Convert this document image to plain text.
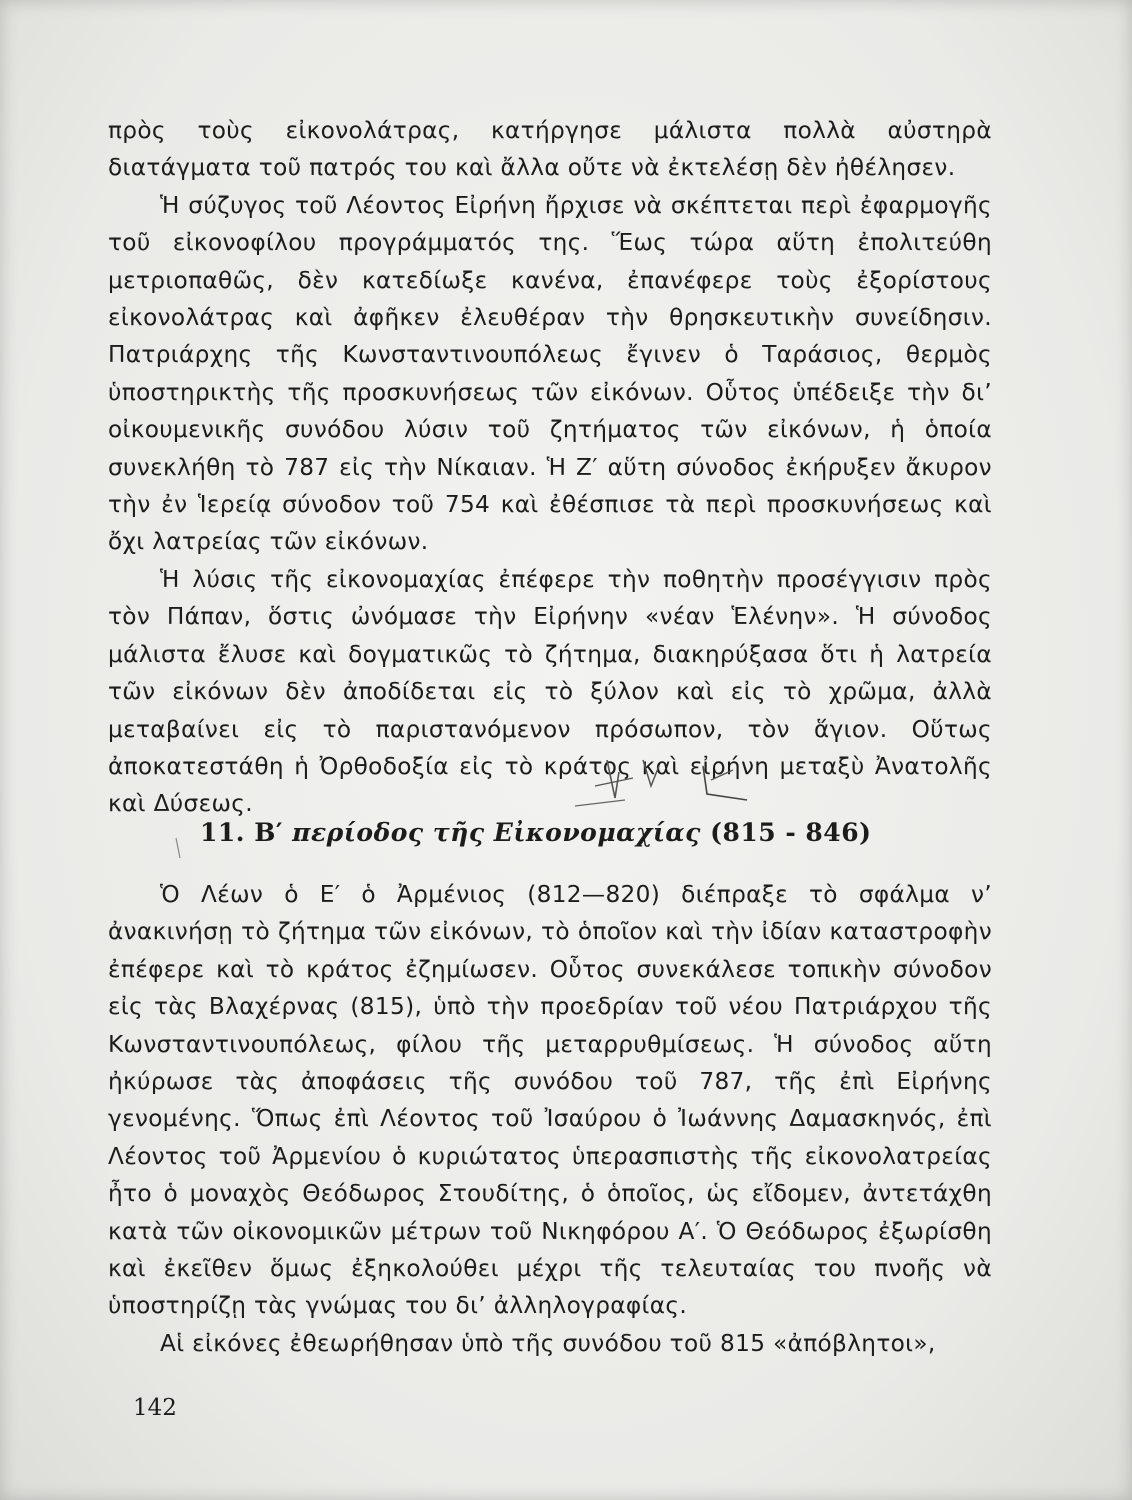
πρὸς τοὺς εἰκονολάτρας, κατήργησε μάλιστα πολλὰ αὐστηρὰ διατάγματα τοῦ πατρός του καὶ ἄλλα οὔτε νὰ ἐκτελέσῃ δὲν ἠθέλησεν.

Ἡ σύζυγος τοῦ Λέοντος Εἰρήνη ἤρχισε νὰ σκέπτεται περὶ ἐφαρμογῆς τοῦ εἰκονοφίλου προγράμματός της. Ἕως τώρα αὕτη ἐπολιτεύθη μετριοπαθῶς, δὲν κατεδίωξε κανένα, ἐπανέφερε τοὺς ἐξορίστους εἰκονολάτρας καὶ ἀφῆκεν ἐλευθέραν τὴν θρησκευτικὴν συνείδησιν. Πατριάρχης τῆς Κωνσταντινουπόλεως ἔγινεν ὁ Ταράσιος, θερμὸς ὑποστηρικτὴς τῆς προσκυνήσεως τῶν εἰκόνων. Οὗτος ὑπέδειξε τὴν δι’ οἰκουμενικῆς συνόδου λύσιν τοῦ ζητήματος τῶν εἰκόνων, ἡ ὁποία συνεκλήθη τὸ 787 εἰς τὴν Νίκαιαν. Ἡ Ζ′ αὕτη σύνοδος ἐκήρυξεν ἄκυρον τὴν ἐν Ἱερείᾳ σύνοδον τοῦ 754 καὶ ἐθέσπισε τὰ περὶ προσκυνήσεως καὶ ὄχι λατρείας τῶν εἰκόνων.

Ἡ λύσις τῆς εἰκονομαχίας ἐπέφερε τὴν ποθητὴν προσέγγισιν πρὸς τὸν Πάπαν, ὅστις ὠνόμασε τὴν Εἰρήνην «νέαν Ἑλένην». Ἡ σύνοδος μάλιστα ἔλυσε καὶ δογματικῶς τὸ ζήτημα, διακηρύξασα ὅτι ἡ λατρεία τῶν εἰκόνων δὲν ἀποδίδεται εἰς τὸ ξύλον καὶ εἰς τὸ χρῶμα, ἀλλὰ μεταβαίνει εἰς τὸ παριστανόμενον πρόσωπον, τὸν ἅγιον. Οὕτως ἀποκατεστάθη ἡ Ὀρθοδοξία εἰς τὸ κράτος καὶ εἰρήνη μεταξὺ Ἀνατολῆς καὶ Δύσεως.

11. Β′ περίοδος τῆς Εἰκονομαχίας (815 - 846)

Ὁ Λέων ὁ Ε′ ὁ Ἀρμένιος (812—820) διέπραξε τὸ σφάλμα ν’ ἀνακινήσῃ τὸ ζήτημα τῶν εἰκόνων, τὸ ὁποῖον καὶ τὴν ἰδίαν καταστροφὴν ἐπέφερε καὶ τὸ κράτος ἐζημίωσεν. Οὗτος συνεκάλεσε τοπικὴν σύνοδον εἰς τὰς Βλαχέρνας (815), ὑπὸ τὴν προεδρίαν τοῦ νέου Πατριάρχου τῆς Κωνσταντινουπόλεως, φίλου τῆς μεταρρυθμίσεως. Ἡ σύνοδος αὕτη ἠκύρωσε τὰς ἀποφάσεις τῆς συνόδου τοῦ 787, τῆς ἐπὶ Εἰρήνης γενομένης. Ὅπως ἐπὶ Λέοντος τοῦ Ἰσαύρου ὁ Ἰωάννης Δαμασκηνός, ἐπὶ Λέοντος τοῦ Ἀρμενίου ὁ κυριώτατος ὑπερασπιστὴς τῆς εἰκονολατρείας ἦτο ὁ μοναχὸς Θεόδωρος Στουδίτης, ὁ ὁποῖος, ὡς εἴδομεν, ἀντετάχθη κατὰ τῶν οἰκονομικῶν μέτρων τοῦ Νικηφόρου Α′. Ὁ Θεόδωρος ἐξωρίσθη καὶ ἐκεῖθεν ὅμως ἐξηκολούθει μέχρι τῆς τελευταίας του πνοῆς νὰ ὑποστηρίζῃ τὰς γνώμας του δι’ ἀλληλογραφίας.

Αἱ εἰκόνες ἐθεωρήθησαν ὑπὸ τῆς συνόδου τοῦ 815 «ἀπόβλητοι»,

142
